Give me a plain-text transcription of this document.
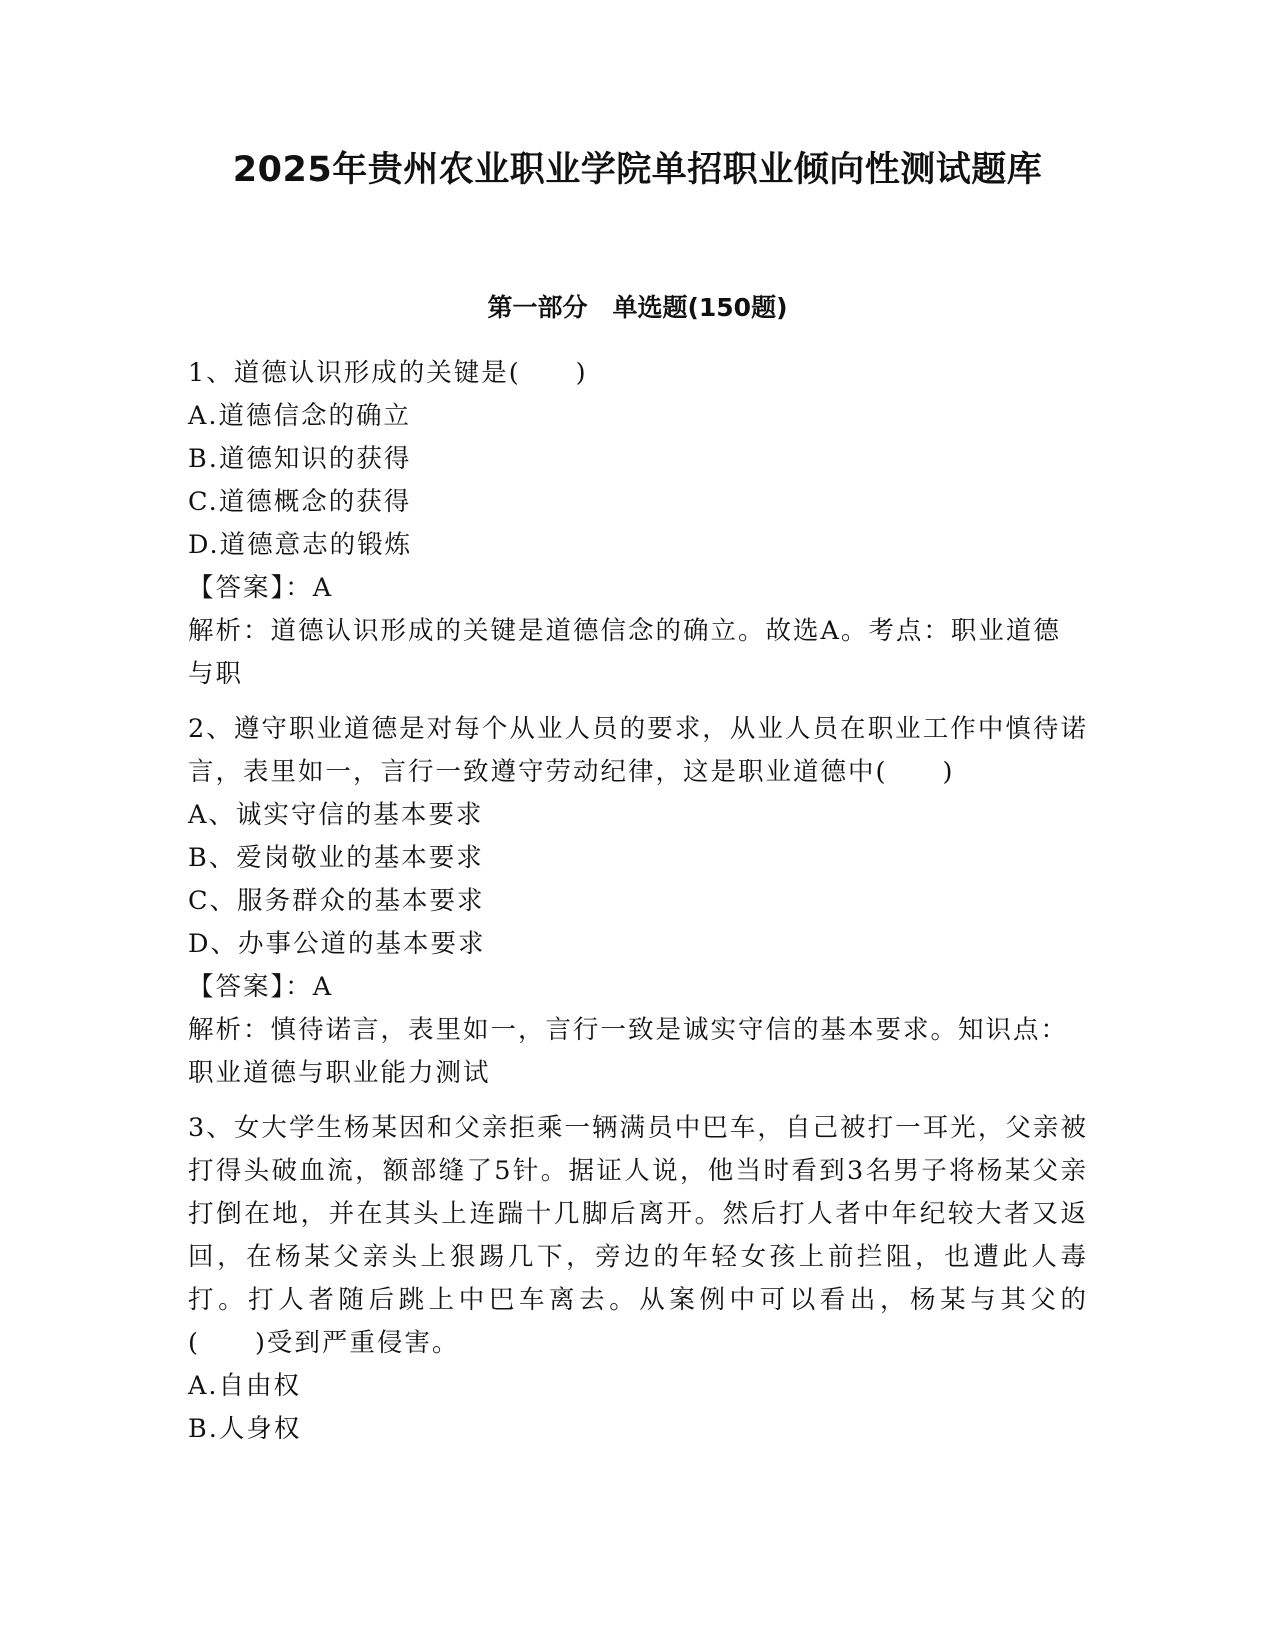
2025年贵州农业职业学院单招职业倾向性测试题库
第一部分　单选题(150题)

1、道德认识形成的关键是(　　)

A.道德信念的确立

B.道德知识的获得

C.道德概念的获得

D.道德意志的锻炼

【答案】：A

解析：道德认识形成的关键是道德信念的确立。故选A。考点：职业道德与职

2、遵守职业道德是对每个从业人员的要求，从业人员在职业工作中慎待诺言，表里如一，言行一致遵守劳动纪律，这是职业道德中(　　)

A、诚实守信的基本要求

B、爱岗敬业的基本要求

C、服务群众的基本要求

D、办事公道的基本要求

【答案】：A

解析：慎待诺言，表里如一，言行一致是诚实守信的基本要求。知识点：职业道德与职业能力测试

3、女大学生杨某因和父亲拒乘一辆满员中巴车，自己被打一耳光，父亲被打得头破血流，额部缝了5针。据证人说，他当时看到3名男子将杨某父亲打倒在地，并在其头上连踹十几脚后离开。然后打人者中年纪较大者又返回，在杨某父亲头上狠踢几下，旁边的年轻女孩上前拦阻，也遭此人毒打。打人者随后跳上中巴车离去。从案例中可以看出，杨某与其父的(　　)受到严重侵害。

A.自由权

B.人身权
